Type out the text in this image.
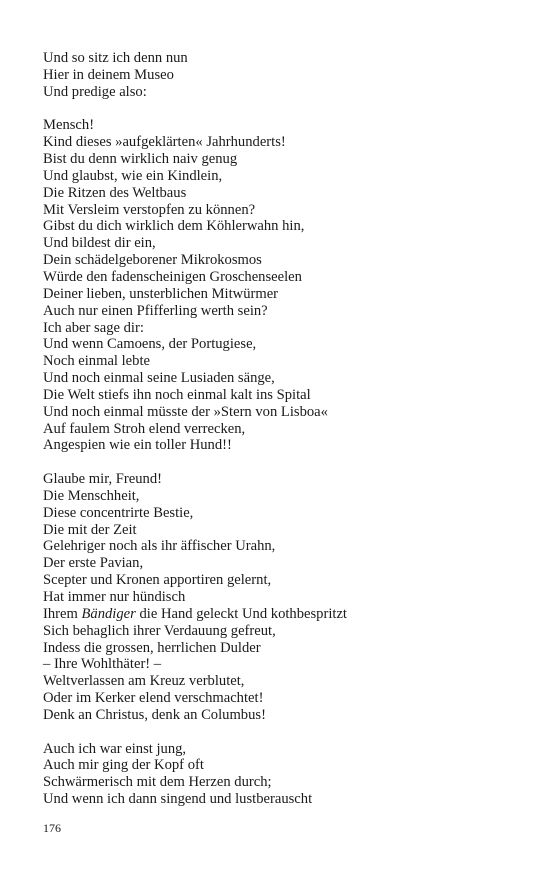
Und so sitz ich denn nun
Hier in deinem Museo
Und predige also:
Mensch!
Kind dieses »aufgeklärten« Jahrhunderts!
Bist du denn wirklich naiv genug
Und glaubst, wie ein Kindlein,
Die Ritzen des Weltbaus
Mit Versleim verstopfen zu können?
Gibst du dich wirklich dem Köhlerwahn hin,
Und bildest dir ein,
Dein schädelgeborener Mikrokosmos
Würde den fadenscheinigen Groschenseelen
Deiner lieben, unsterblichen Mitwürmer
Auch nur einen Pfifferling werth sein?
Ich aber sage dir:
Und wenn Camoens, der Portugiese,
Noch einmal lebte
Und noch einmal seine Lusiaden sänge,
Die Welt stiefs ihn noch einmal kalt ins Spital
Und noch einmal müsste der »Stern von Lisboa«
Auf faulem Stroh elend verrecken,
Angespien wie ein toller Hund!!
Glaube mir, Freund!
Die Menschheit,
Diese concentrirte Bestie,
Die mit der Zeit
Gelehriger noch als ihr äffischer Urahn,
Der erste Pavian,
Scepter und Kronen apportiren gelernt,
Hat immer nur hündisch
Ihrem Bändiger die Hand geleckt Und kothbespritzt
Sich behaglich ihrer Verdauung gefreut,
Indess die grossen, herrlichen Dulder
– Ihre Wohlthäter! –
Weltverlassen am Kreuz verblutet,
Oder im Kerker elend verschmachtet!
Denk an Christus, denk an Columbus!
Auch ich war einst jung,
Auch mir ging der Kopf oft
Schwärmerisch mit dem Herzen durch;
Und wenn ich dann singend und lustberauscht
176
